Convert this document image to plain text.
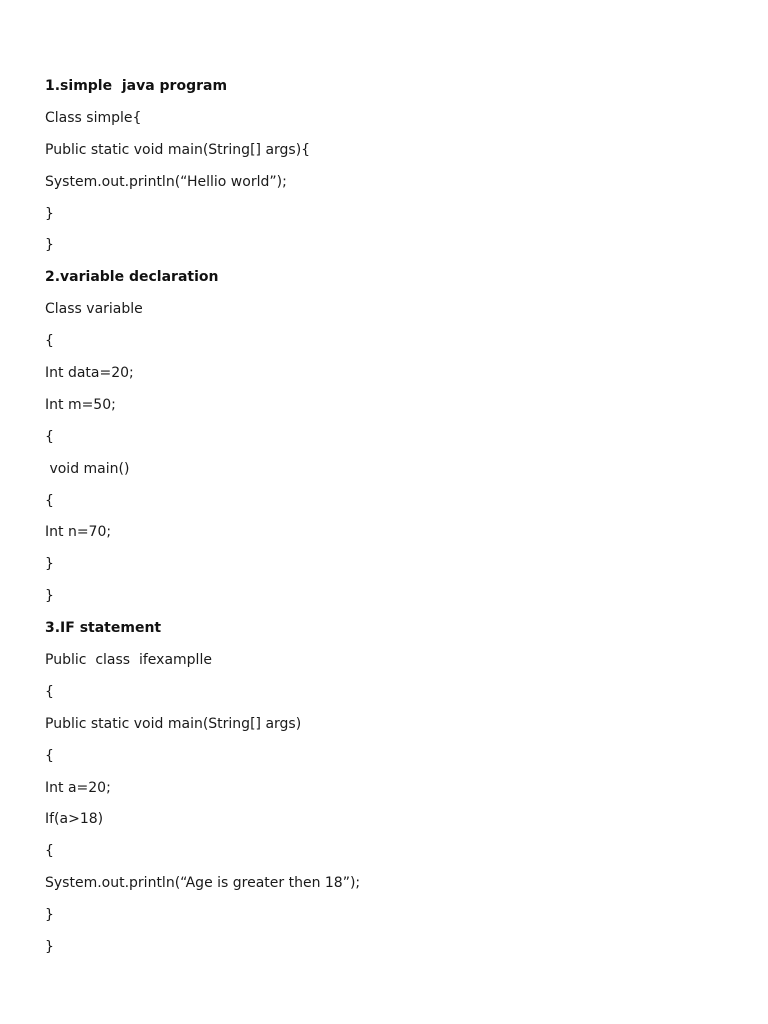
1.simple  java program
Class simple{
Public static void main(String[] args){
System.out.println(“Hellio world”);
}
}
2.variable declaration
Class variable
{
Int data=20;
Int m=50;
{
void main()
{
Int n=70;
}
}
3.IF statement
Public  class  ifexamplle
{
Public static void main(String[] args)
{
Int a=20;
If(a>18)
{
System.out.println(“Age is greater then 18”);
}
}
